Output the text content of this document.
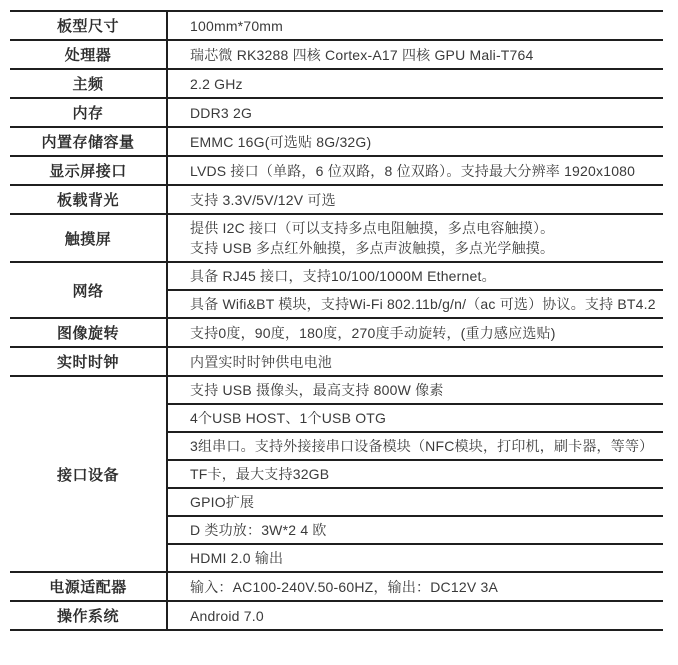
板型尺寸	100mm*70mm

处理器	瑞芯微 RK3288 四核 Cortex-A17 四核 GPU Mali-T764

主频	2.2 GHz

内存	DDR3 2G

内置存储容量	EMMC 16G(可选贴 8G/32G)

显示屏接口	LVDS 接口（单路，6 位双路，8 位双路）。支持最大分辨率 1920x1080

板载背光	支持 3.3V/5V/12V 可选

触摸屏	提供 I2C 接口（可以支持多点电阻触摸，多点电容触摸）。
支持 USB 多点红外触摸，多点声波触摸，多点光学触摸。

网络	具备 RJ45 接口，支持10/100/1000M Ethernet。

	具备 Wifi&BT 模块，支持Wi-Fi 802.11b/g/n/（ac 可选）协议。支持 BT4.2

图像旋转	支持0度，90度，180度，270度手动旋转，(重力感应选贴)

实时时钟	内置实时时钟供电电池

接口设备	支持 USB 摄像头，最高支持 800W 像素

	4个USB HOST、1个USB OTG

	3组串口。支持外接接串口设备模块（NFC模块，打印机，刷卡器，等等）

	TF卡，最大支持32GB

	GPIO扩展

	D 类功放：3W*2 4 欧

	HDMI 2.0 输出

电源适配器	输入：AC100-240V.50-60HZ，输出：DC12V 3A

操作系统	Android 7.0
